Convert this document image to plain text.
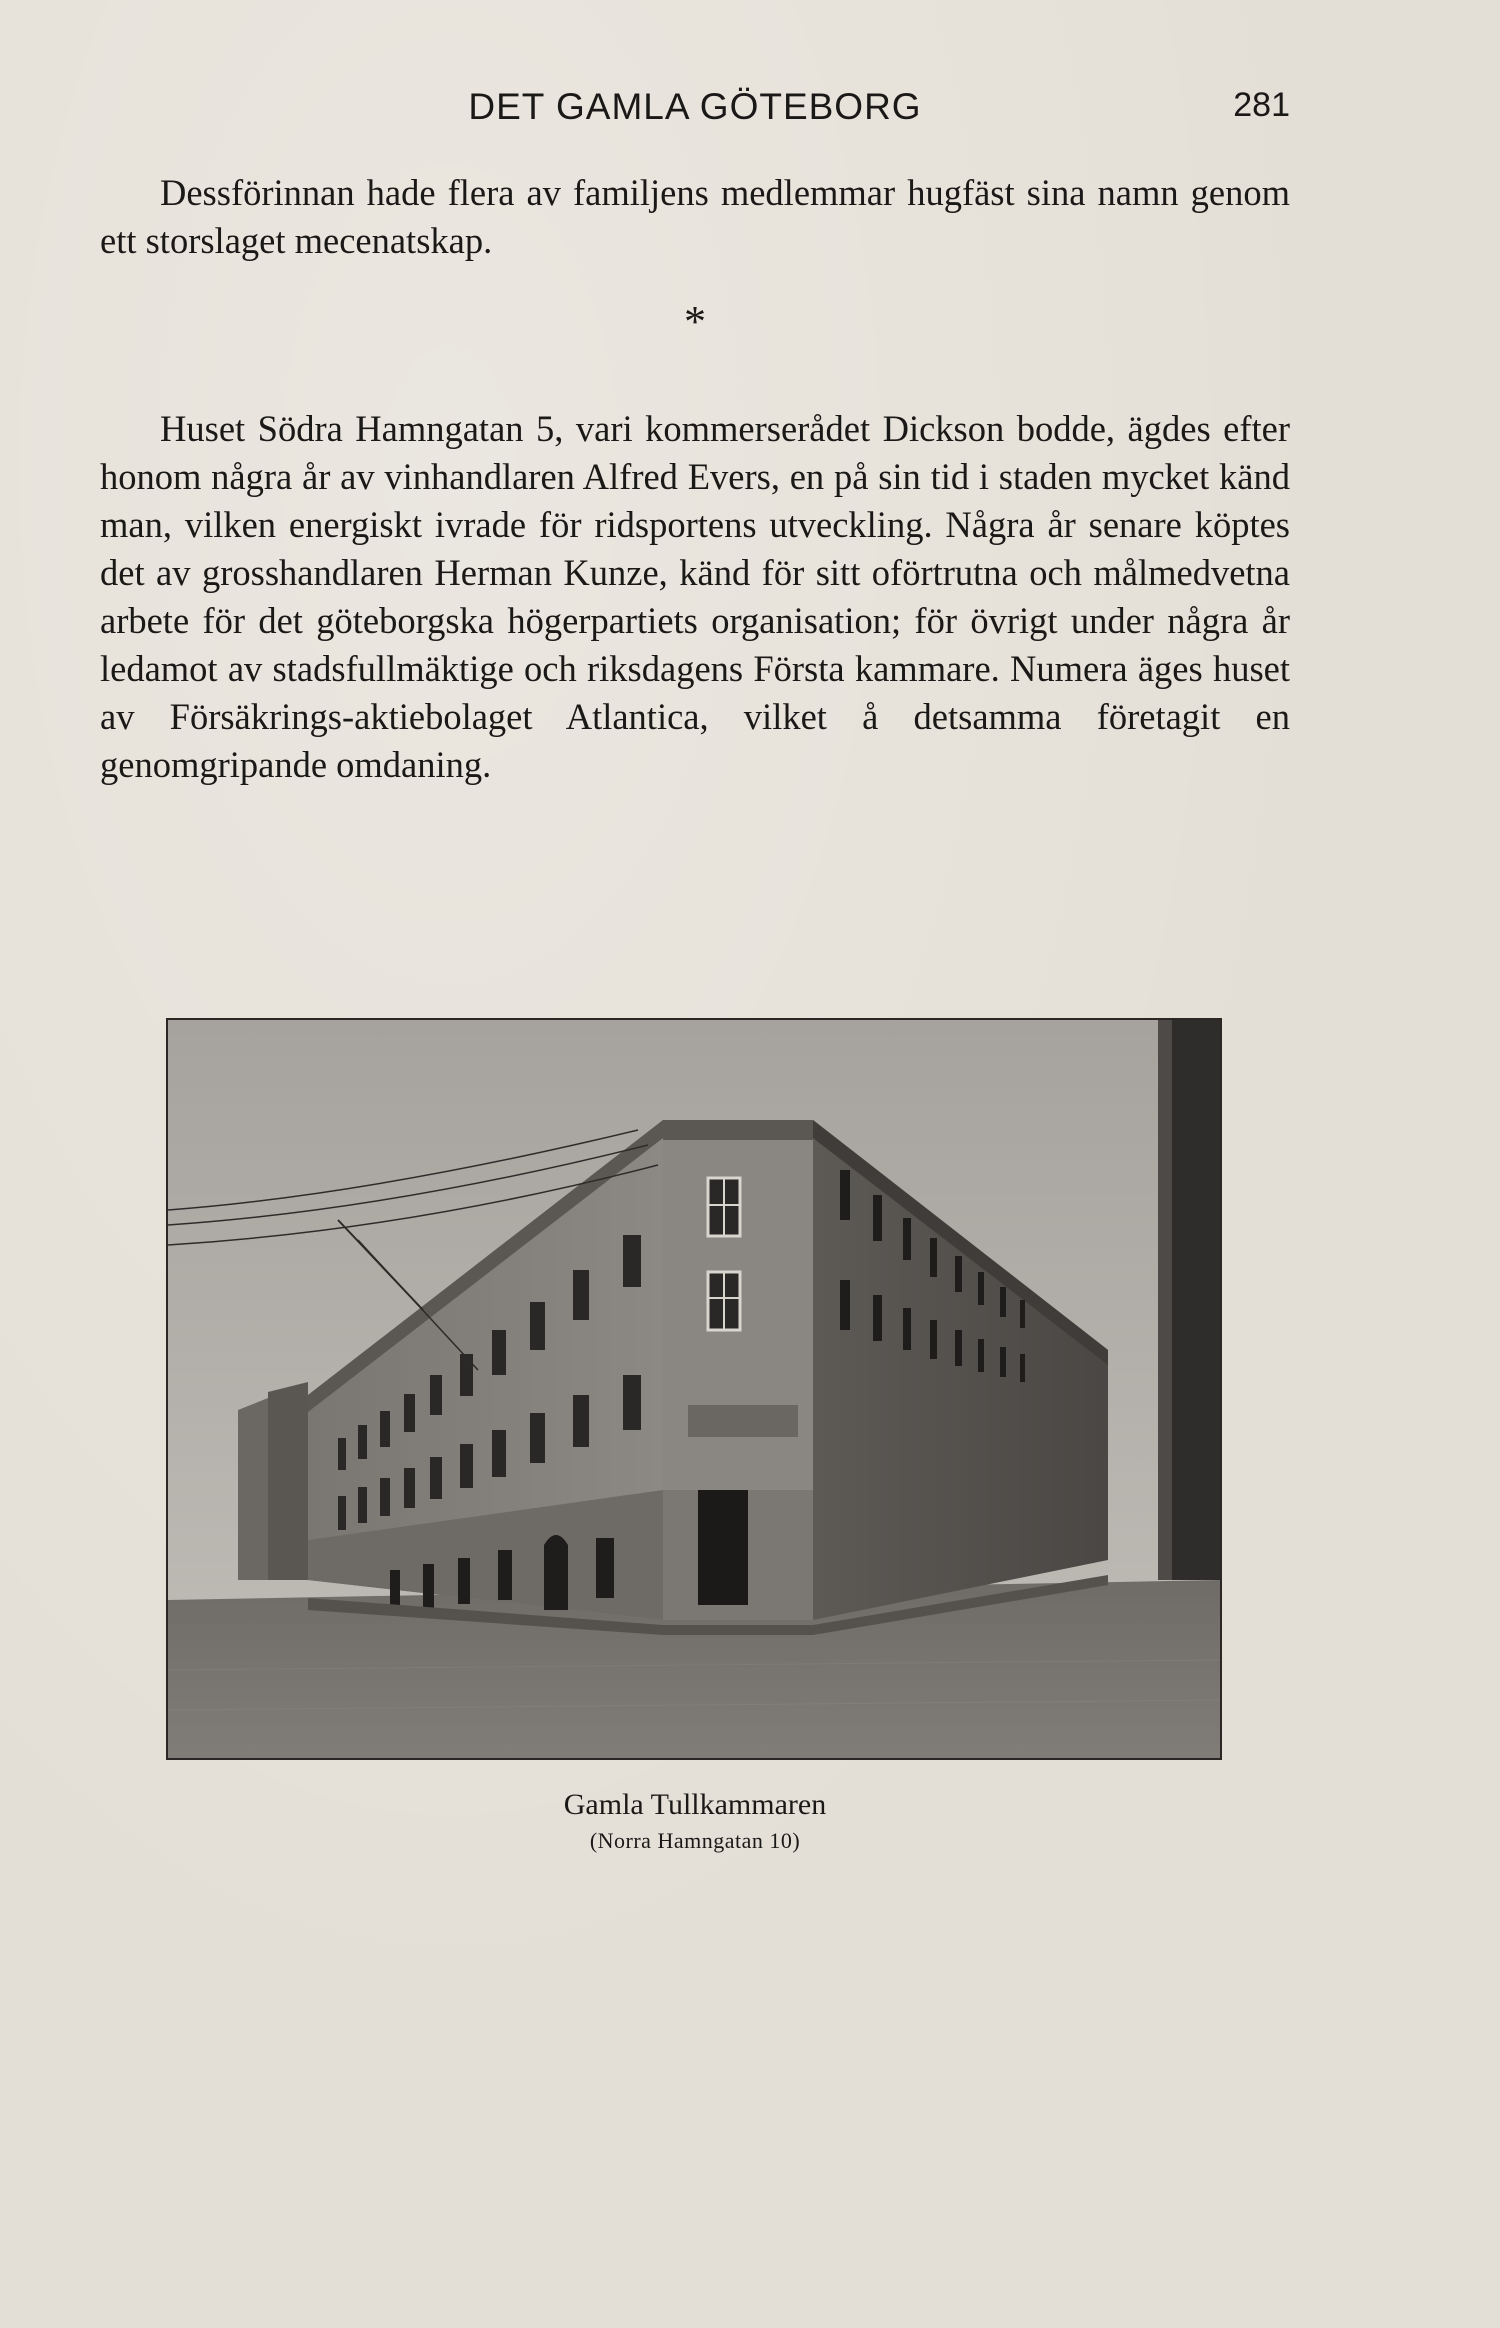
DET GAMLA GÖTEBORG	281

Dessförinnan hade flera av familjens medlemmar hugfäst sina namn genom ett storslaget mecenatskap.

*

Huset Södra Hamngatan 5, vari kommerserådet Dickson bodde, ägdes efter honom några år av vinhandlaren Alfred Evers, en på sin tid i staden mycket känd man, vilken energiskt ivrade för ridsportens utveckling. Några år senare köptes det av grosshandlaren Herman Kunze, känd för sitt oförtrutna och målmedvetna arbete för det göteborgska högerpartiets organisation; för övrigt under några år ledamot av stadsfullmäktige och riksdagens Första kammare. Numera äges huset av Försäkrings-aktiebolaget Atlantica, vilket å detsamma företagit en genomgripande omdaning.

Gamla Tullkammaren
(Norra Hamngatan 10)
